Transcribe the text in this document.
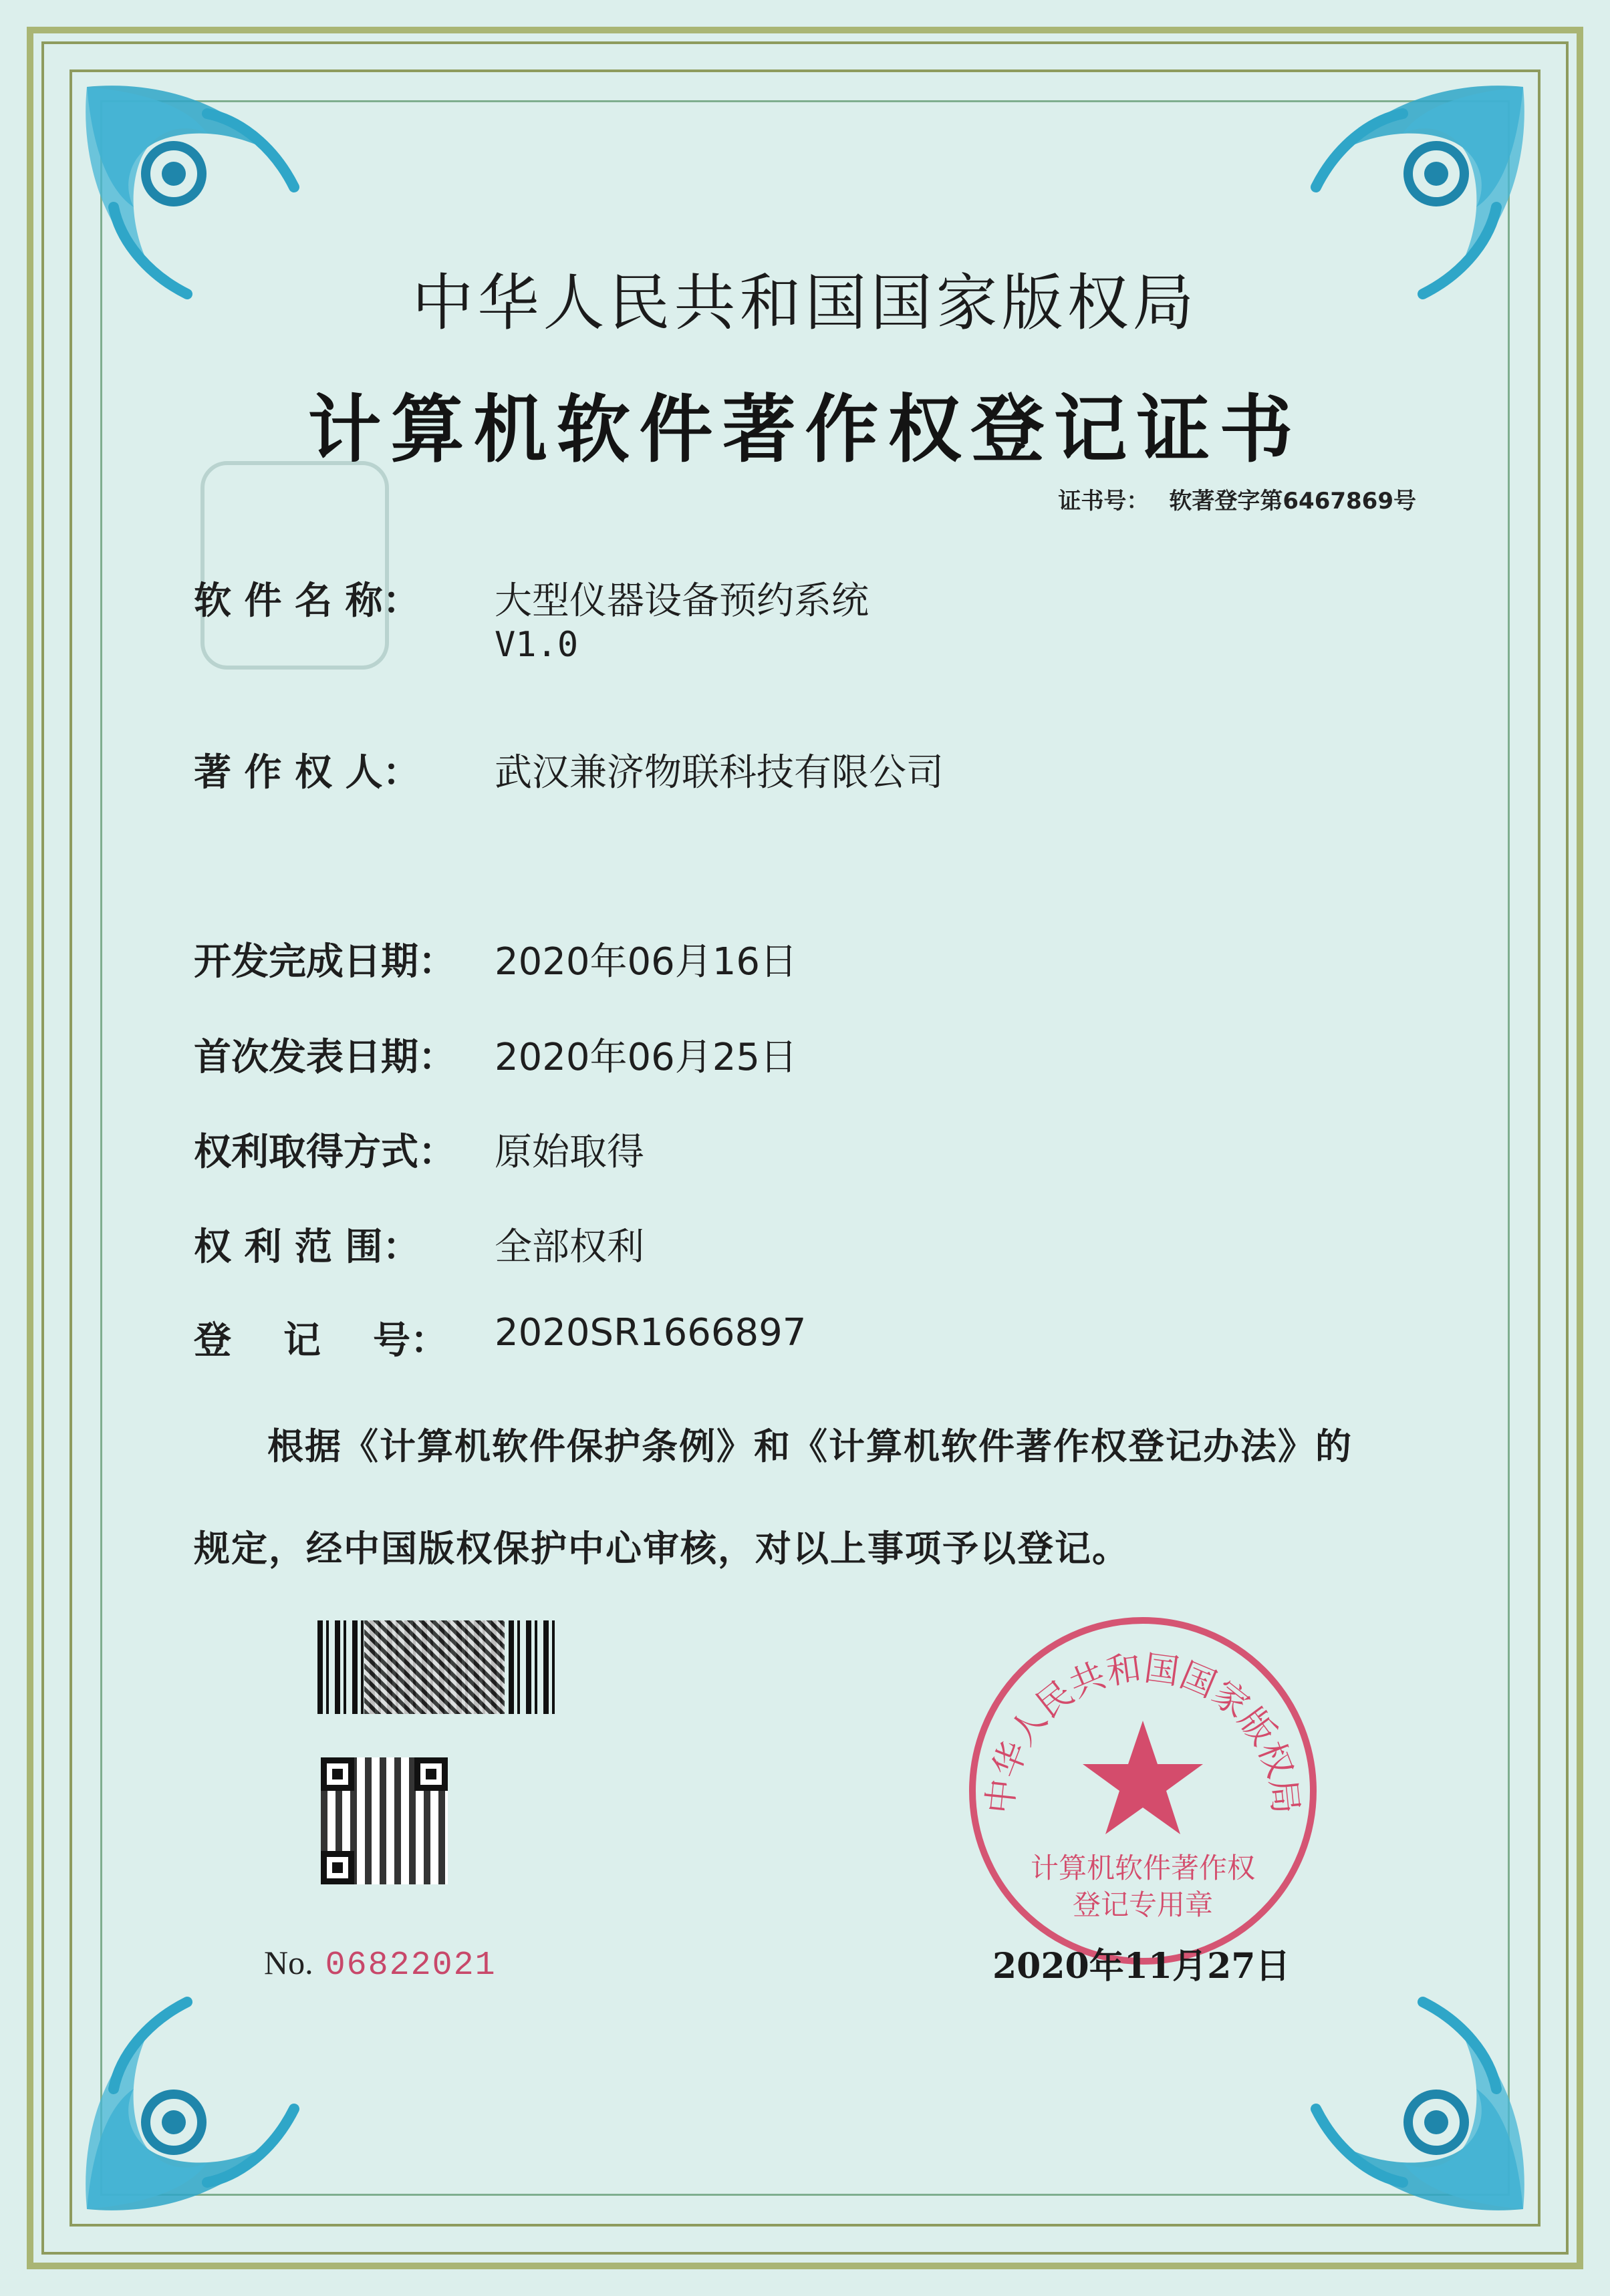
中华人民共和国国家版权局
计算机软件著作权登记证书
证书号： 软著登字第6467869号
软 件 名 称： 大型仪器设备预约系统
V1.0
著 作 权 人： 武汉兼济物联科技有限公司
开发完成日期： 2020年06月16日
首次发表日期： 2020年06月25日
权利取得方式： 原始取得
权 利 范 围： 全部权利
登    记    号： 2020SR1666897
根据《计算机软件保护条例》和《计算机软件著作权登记办法》的
规定，经中国版权保护中心审核，对以上事项予以登记。
No. 06822021
中华人民共和国国家版权局
计算机软件著作权
登记专用章
2020年11月27日
